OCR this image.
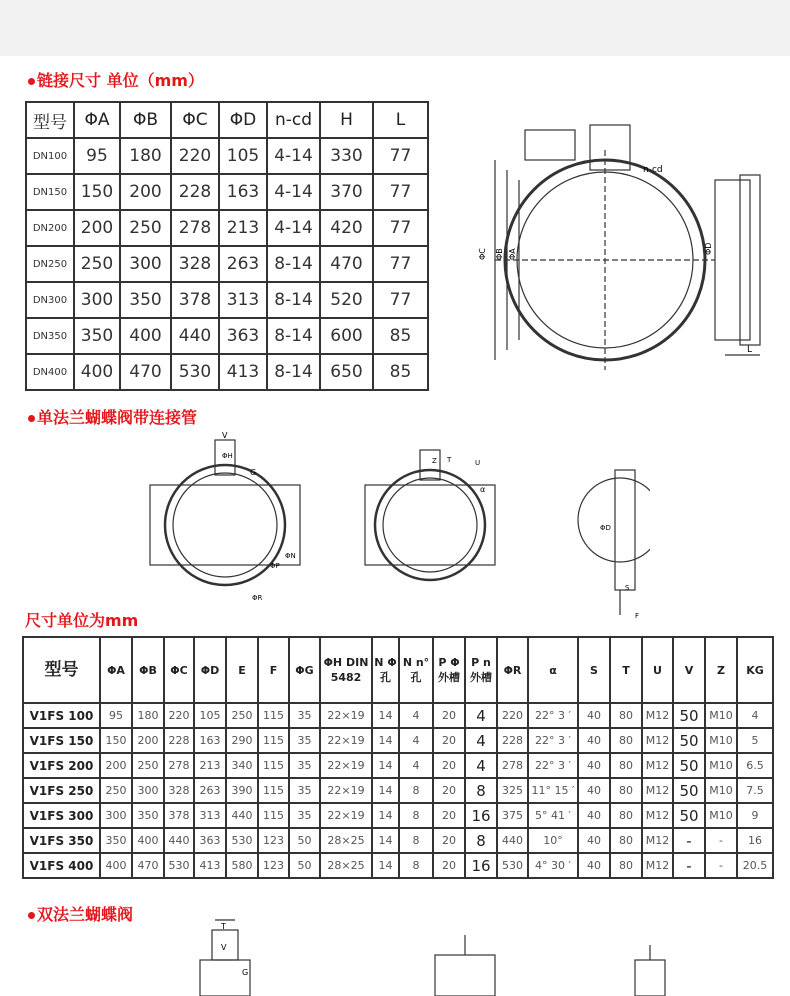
链接尺寸 单位（mm）
型号	ΦA	ΦB	ΦC	ΦD	n-cd	H	L
DN100	95	180	220	105	4-14	330	77
DN150	150	200	228	163	4-14	370	77
DN200	200	250	278	213	4-14	420	77
DN250	250	300	328	263	8-14	470	77
DN300	300	350	378	313	8-14	520	77
DN350	350	400	440	363	8-14	600	85
DN400	400	470	530	413	8-14	650	85
n-cd
ΦC ΦB ΦA	ΦD
L
单法兰蝴蝶阀带连接管
V
ΦH
G
ΦN
ΦP
ΦR
Z T	U
α
ΦD
S
F
尺寸单位为mm
型号	ΦA	ΦB	ΦC	ΦD	E	F	ΦG	ΦH DIN 5482	N Φ 孔	N n° 孔	P Φ 外槽	P n 外槽	ΦR	α	S	T	U	V	Z	KG
V1FS 100	95	180	220	105	250	115	35	22×19	14	4	20	4	220	22° 3 ′	40	80	M12	50	M10	4
V1FS 150	150	200	228	163	290	115	35	22×19	14	4	20	4	228	22° 3 ′	40	80	M12	50	M10	5
V1FS 200	200	250	278	213	340	115	35	22×19	14	4	20	4	278	22° 3 ′	40	80	M12	50	M10	6.5
V1FS 250	250	300	328	263	390	115	35	22×19	14	8	20	8	325	11° 15 ′	40	80	M12	50	M10	7.5
V1FS 300	300	350	378	313	440	115	35	22×19	14	8	20	16	375	5° 41 ′	40	80	M12	50	M10	9
V1FS 350	350	400	440	363	530	123	50	28×25	14	8	20	8	440	10°	40	80	M12	-	-	16
V1FS 400	400	470	530	413	580	123	50	28×25	14	8	20	16	530	4° 30 ′	40	80	M12	-	-	20.5
双法兰蝴蝶阀
T
V
G
